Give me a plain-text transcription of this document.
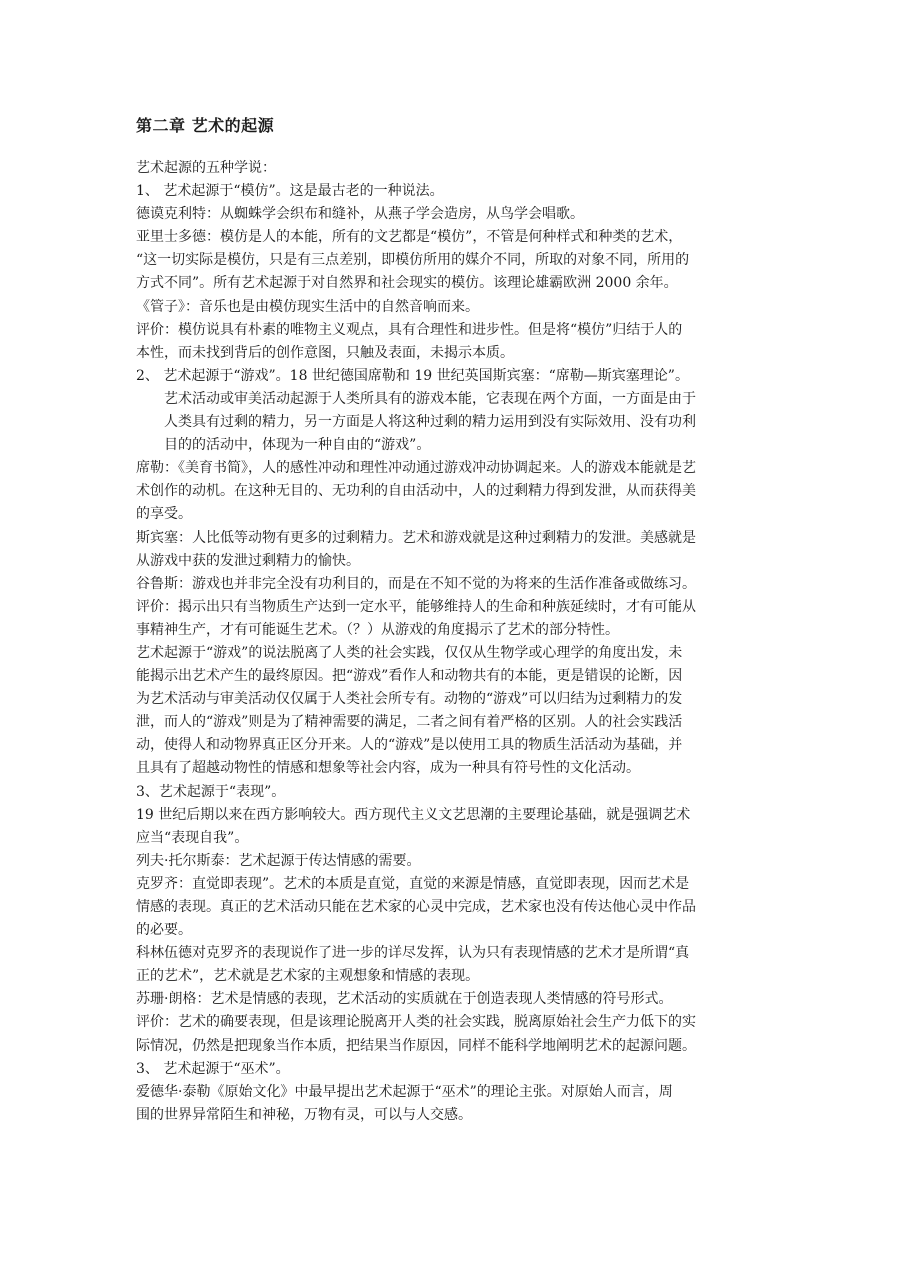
第二章 艺术的起源
艺术起源的五种学说：
1、 艺术起源于“模仿”。这是最古老的一种说法。
德谟克利特：从蜘蛛学会织布和缝补，从燕子学会造房，从鸟学会唱歌。
亚里士多德：模仿是人的本能，所有的文艺都是“模仿”，不管是何种样式和种类的艺术，
“这一切实际是模仿，只是有三点差别，即模仿所用的媒介不同，所取的对象不同，所用的
方式不同”。所有艺术起源于对自然界和社会现实的模仿。该理论雄霸欧洲 2000 余年。
《管子》：音乐也是由模仿现实生活中的自然音响而来。
评价：模仿说具有朴素的唯物主义观点，具有合理性和进步性。但是将“模仿”归结于人的
本性，而未找到背后的创作意图，只触及表面，未揭示本质。
2、 艺术起源于“游戏”。18 世纪德国席勒和 19 世纪英国斯宾塞：“席勒—斯宾塞理论”。
艺术活动或审美活动起源于人类所具有的游戏本能，它表现在两个方面，一方面是由于
人类具有过剩的精力，另一方面是人将这种过剩的精力运用到没有实际效用、没有功利
目的的活动中，体现为一种自由的“游戏”。
席勒：《美育书简》，人的感性冲动和理性冲动通过游戏冲动协调起来。人的游戏本能就是艺
术创作的动机。在这种无目的、无功利的自由活动中，人的过剩精力得到发泄，从而获得美
的享受。
斯宾塞：人比低等动物有更多的过剩精力。艺术和游戏就是这种过剩精力的发泄。美感就是
从游戏中获的发泄过剩精力的愉快。
谷鲁斯：游戏也并非完全没有功利目的，而是在不知不觉的为将来的生活作准备或做练习。
评价：揭示出只有当物质生产达到一定水平，能够维持人的生命和种族延续时，才有可能从
事精神生产，才有可能诞生艺术。（？）从游戏的角度揭示了艺术的部分特性。
艺术起源于“游戏”的说法脱离了人类的社会实践，仅仅从生物学或心理学的角度出发，未
能揭示出艺术产生的最终原因。把“游戏”看作人和动物共有的本能，更是错误的论断，因
为艺术活动与审美活动仅仅属于人类社会所专有。动物的“游戏”可以归结为过剩精力的发
泄，而人的“游戏”则是为了精神需要的满足，二者之间有着严格的区别。人的社会实践活
动，使得人和动物界真正区分开来。人的“游戏”是以使用工具的物质生活活动为基础，并
且具有了超越动物性的情感和想象等社会内容，成为一种具有符号性的文化活动。
3、艺术起源于“表现”。
19 世纪后期以来在西方影响较大。西方现代主义文艺思潮的主要理论基础，就是强调艺术
应当“表现自我”。
列夫·托尔斯泰：艺术起源于传达情感的需要。
克罗齐：直觉即表现”。艺术的本质是直觉，直觉的来源是情感，直觉即表现，因而艺术是
情感的表现。真正的艺术活动只能在艺术家的心灵中完成，艺术家也没有传达他心灵中作品
的必要。
科林伍德对克罗齐的表现说作了进一步的详尽发挥，认为只有表现情感的艺术才是所谓“真
正的艺术”，艺术就是艺术家的主观想象和情感的表现。
苏珊·朗格：艺术是情感的表现，艺术活动的实质就在于创造表现人类情感的符号形式。
评价：艺术的确要表现，但是该理论脱离开人类的社会实践，脱离原始社会生产力低下的实
际情况，仍然是把现象当作本质，把结果当作原因，同样不能科学地阐明艺术的起源问题。
3、 艺术起源于“巫术”。
爱德华·泰勒《原始文化》中最早提出艺术起源于“巫术”的理论主张。对原始人而言，周
围的世界异常陌生和神秘，万物有灵，可以与人交感。
